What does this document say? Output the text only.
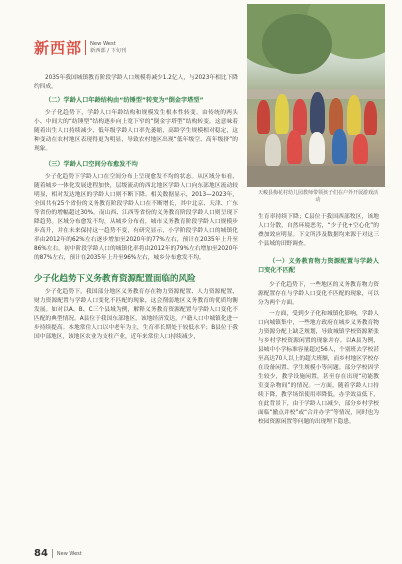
新西部 New West
新西部 / 下旬刊
天峻县梅花村幼儿园教师带领孩子们在户外开展游戏活动

2035年我国城镇教育阶段学龄人口规模将减少1.2亿人，与2023年相比下降约四成。

（二）学龄人口年龄结构由“纺锤型”转变为“倒金字塔型”

少子化趋势下，学龄人口年龄结构和规模发生根本性转变。由传统的两头小、中间大的“纺锤型”结构逐步向上宽下窄的“倒金字塔型”结构转变。这意味着随着出生人口持续减少，低年级学龄人口率先萎缩，高龄学生规模相对稳定，这种变动在农村地区表现得更为明显，导致农村地区出现“低年级空、高年级挤”的现象。

（三）学龄人口空间分布愈发不均

少子化趋势下学龄人口在空间分布上呈现愈发不均的状态。从区域分布看，随着城乡一体化发展进程加快，层级流动的西北地区学龄人口向东部地区流动较明显，相对发达地区的学龄人口则不断下降。相关数据显示，2013—2023年，全国共有25个省份的义务教育阶段学龄人口在不断增长，其中北京、天津、广东等省份的增幅超过30%。而山西、江西等省份的义务教育阶段学龄人口则呈现下降趋势。区域分布愈发不均，从城乡分布看，城市义务教育阶段学龄人口规模步步高升，并在未来保持这一趋势不变，有研究显示，小学阶段学龄人口的城镇化率由2012年的62%左右逐步增加至2020年的77%左右，预计在2035年上升至86%左右。初中阶段学龄人口的城镇化率将由2012年的79%左右增加至2020年的87%左右，预计在2035年上升至96%左右，城乡分布愈发不均。

少子化趋势下义务教育资源配置面临的风险

少子化趋势下，我国部分地区义务教育存在物力资源配置、人力资源配置、财力资源配置与学龄人口变化不匹配的现象，这会削弱地区义务教育的优质均衡发展。如对以A、B、C三个县域为例，解释义务教育资源配置与学龄人口变化不匹配的典型情况。A县位于我国东部地区，该地经济发达，户籍人口中城镇化进一步持续提高。本地常住人口以中老年为主，生育率长期处于较低水平；B县位于我国中部地区，该地区农业为支柱产业，近年来常住人口持续减少，

生育率持续下降；C县位于我国西部牧区，该地人口分散，自然环境恶劣，“少子化+空心化”的叠加效应明显。下文所涉及数据均来源于对这三个县域的田野调查。

（一）义务教育物力资源配置与学龄人口变化不匹配

少子化趋势下，一些地区的义务教育物力资源配置存在与学龄人口变化不匹配的现象，可以分为两个方面。

一方面，受到少子化和城镇化影响，学龄人口向城镇集中，一些地方政府在城乡义务教育物力资源分配上缺乏规划，导致城镇学校资源紧张与乡村学校资源闲置的现象并存。以A县为例，县城中小学标准容量超过56人，个别班去学校甚至高达70人以上的超大班额，而乡村地区学校存在设备闲置、学生规模小等问题。部分学校因学生较少，教学设施闲置，甚至存在出现“功能教室变杂物间”的情况。一方面，随着学龄人口持续下降，教学场馆使用率降低，办学效益低下，在此背景下，由于学龄人口减少，部分乡村学校面临“撤点并校”或“合并办学”等情况，同时也为校园资源闲置等问题的出现埋下隐患。

84 New West
